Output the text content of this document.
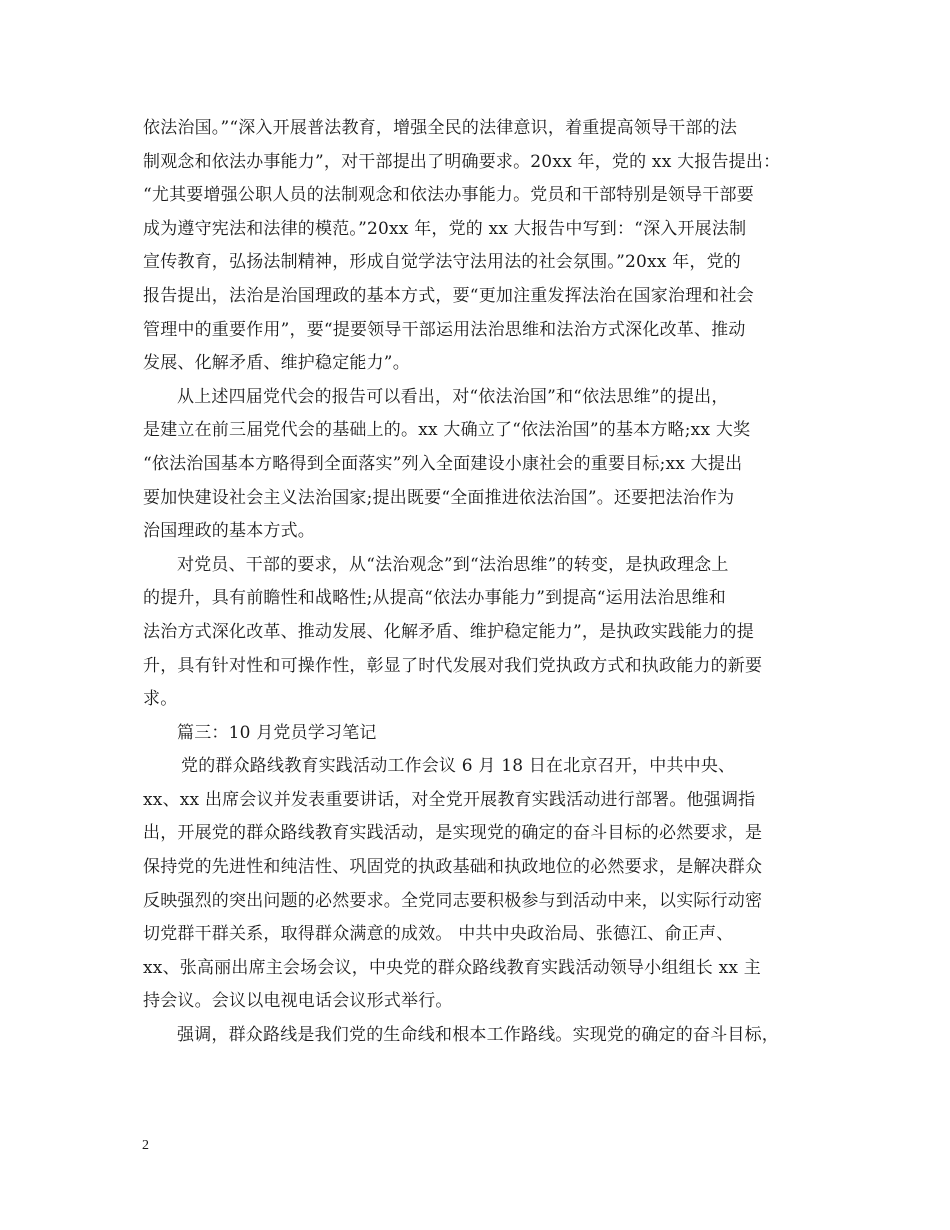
依法治国。”“深入开展普法教育，增强全民的法律意识，着重提高领导干部的法
制观念和依法办事能力”，对干部提出了明确要求。20xx 年，党的 xx 大报告提出：
“尤其要增强公职人员的法制观念和依法办事能力。党员和干部特别是领导干部要
成为遵守宪法和法律的模范。”20xx 年，党的 xx 大报告中写到：“深入开展法制
宣传教育，弘扬法制精神，形成自觉学法守法用法的社会氛围。”20xx 年，党的
报告提出，法治是治国理政的基本方式，要“更加注重发挥法治在国家治理和社会
管理中的重要作用”，要“提要领导干部运用法治思维和法治方式深化改革、推动
发展、化解矛盾、维护稳定能力”。
从上述四届党代会的报告可以看出，对“依法治国”和“依法思维”的提出，
是建立在前三届党代会的基础上的。xx 大确立了“依法治国”的基本方略;xx 大奖
“依法治国基本方略得到全面落实”列入全面建设小康社会的重要目标;xx 大提出
要加快建设社会主义法治国家;提出既要“全面推进依法治国”。还要把法治作为
治国理政的基本方式。
对党员、干部的要求，从“法治观念”到“法治思维”的转变，是执政理念上
的提升，具有前瞻性和战略性;从提高“依法办事能力”到提高“运用法治思维和
法治方式深化改革、推动发展、化解矛盾、维护稳定能力”，是执政实践能力的提
升，具有针对性和可操作性，彰显了时代发展对我们党执政方式和执政能力的新要
求。
篇三：10 月党员学习笔记
党的群众路线教育实践活动工作会议 6 月 18 日在北京召开，中共中央、
xx、xx 出席会议并发表重要讲话，对全党开展教育实践活动进行部署。他强调指
出，开展党的群众路线教育实践活动，是实现党的确定的奋斗目标的必然要求，是
保持党的先进性和纯洁性、巩固党的执政基础和执政地位的必然要求，是解决群众
反映强烈的突出问题的必然要求。全党同志要积极参与到活动中来，以实际行动密
切党群干群关系，取得群众满意的成效。 中共中央政治局、张德江、俞正声、
xx、张高丽出席主会场会议，中央党的群众路线教育实践活动领导小组组长 xx 主
持会议。会议以电视电话会议形式举行。
强调，群众路线是我们党的生命线和根本工作路线。实现党的确定的奋斗目标，
2
